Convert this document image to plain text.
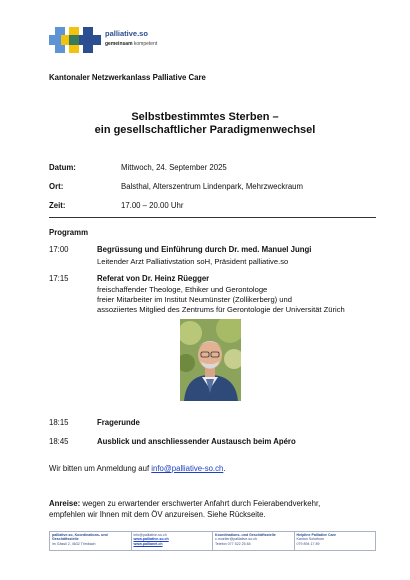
palliative.so
gemeinsam kompetent
Kantonaler Netzwerkanlass Palliative Care
Selbstbestimmtes Sterben –
ein gesellschaftlicher Paradigmenwechsel
Datum:	Mittwoch, 24. September 2025
Ort:	Balsthal, Alterszentrum Lindenpark, Mehrzweckraum
Zeit:	17.00 – 20.00 Uhr
Programm
17:00	Begrüssung und Einführung durch Dr. med. Manuel Jungi
Leitender Arzt Palliativstation soH, Präsident palliative.so
17:15	Referat von Dr. Heinz Rüegger
freischaffender Theologe, Ethiker und Gerontologe
freier Mitarbeiter im Institut Neumünster (Zollikerberg) und
assoziiertes Mitglied des Zentrums für Gerontologie der Universität Zürich
18:15	Fragerunde
18:45	Ausblick und anschliessender Austausch beim Apéro
Wir bitten um Anmeldung auf info@palliative-so.ch.
Anreise: wegen zu erwartender erschwerter Anfahrt durch Feierabendverkehr,
empfehlen wir Ihnen mit dem ÖV anzureisen. Siehe Rückseite.
palliative.so, Koordinations- und
Geschäftsstelle
im Gässli 2, 4632 Trimbach
info@palliative-so.ch
www.palliative-so.ch
www.pallianet.ch
Koordinations- und Geschäftsstelle
c.mueller@palliative-so.ch
Telefon 077 522 25 84
Helpline Palliative Care
Kanton Solothurn
079 894 17 89
